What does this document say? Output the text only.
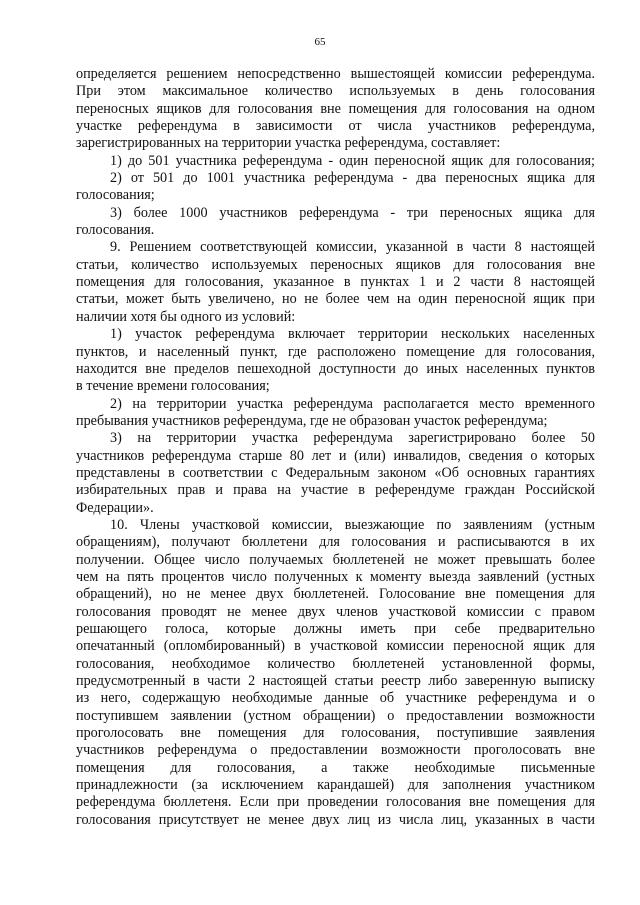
65
определяется решением непосредственно вышестоящей комиссии референдума.
При этом максимальное количество используемых в день голосования
переносных ящиков для голосования вне помещения для голосования на одном
участке референдума в зависимости от числа участников референдума,
зарегистрированных на территории участка референдума, составляет:
1) до 501 участника референдума - один переносной ящик для голосования;
2) от 501 до 1001 участника референдума - два переносных ящика для
голосования;
3) более 1000 участников референдума - три переносных ящика для
голосования.
9. Решением соответствующей комиссии, указанной в части 8 настоящей
статьи, количество используемых переносных ящиков для голосования вне
помещения для голосования, указанное в пунктах 1 и 2 части 8 настоящей
статьи, может быть увеличено, но не более чем на один переносной ящик при
наличии хотя бы одного из условий:
1) участок референдума включает территории нескольких населенных
пунктов, и населенный пункт, где расположено помещение для голосования,
находится вне пределов пешеходной доступности до иных населенных пунктов
в течение времени голосования;
2) на территории участка референдума располагается место временного
пребывания участников референдума, где не образован участок референдума;
3) на территории участка референдума зарегистрировано более 50
участников референдума старше 80 лет и (или) инвалидов, сведения о которых
представлены в соответствии с Федеральным законом «Об основных гарантиях
избирательных прав и права на участие в референдуме граждан Российской
Федерации».
10. Члены участковой комиссии, выезжающие по заявлениям (устным
обращениям), получают бюллетени для голосования и расписываются в их
получении. Общее число получаемых бюллетеней не может превышать более
чем на пять процентов число полученных к моменту выезда заявлений (устных
обращений), но не менее двух бюллетеней. Голосование вне помещения для
голосования проводят не менее двух членов участковой комиссии с правом
решающего голоса, которые должны иметь при себе предварительно
опечатанный (опломбированный) в участковой комиссии переносной ящик для
голосования, необходимое количество бюллетеней установленной формы,
предусмотренный в части 2 настоящей статьи реестр либо заверенную выписку
из него, содержащую необходимые данные об участнике референдума и о
поступившем заявлении (устном обращении) о предоставлении возможности
проголосовать вне помещения для голосования, поступившие заявления
участников референдума о предоставлении возможности проголосовать вне
помещения для голосования, а также необходимые письменные
принадлежности (за исключением карандашей) для заполнения участником
референдума бюллетеня. Если при проведении голосования вне помещения для
голосования присутствует не менее двух лиц из числа лиц, указанных в части
